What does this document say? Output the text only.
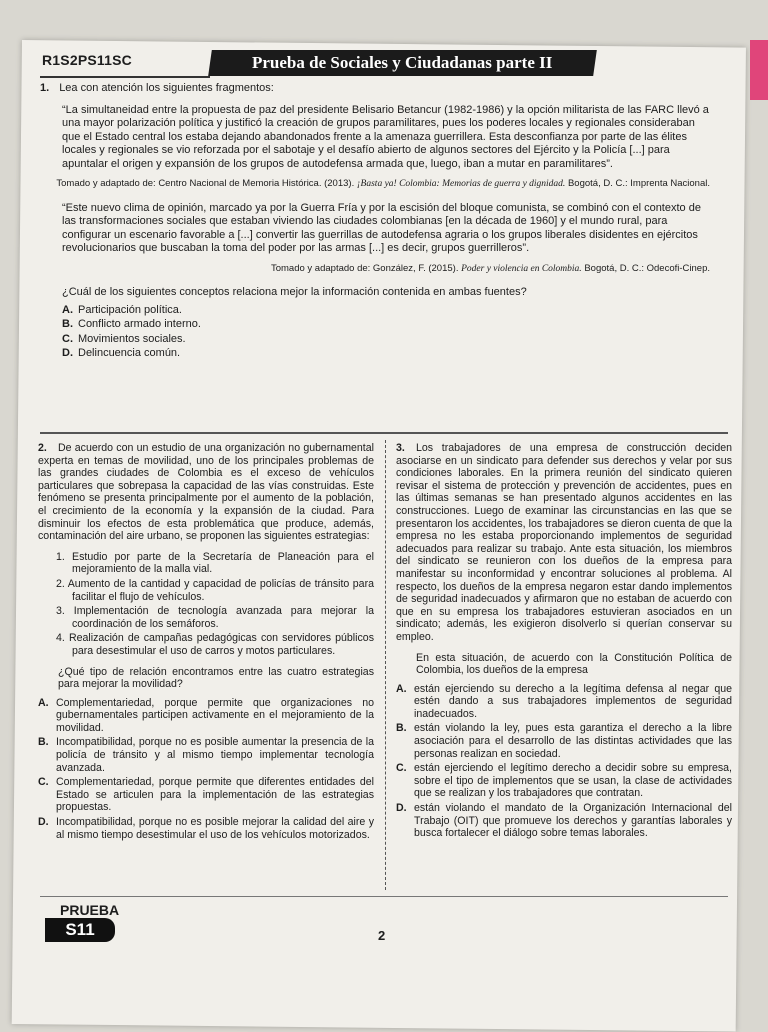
R1S2PS11SC	Prueba de Sociales y Ciudadanas parte II
1. Lea con atención los siguientes fragmentos:
“La simultaneidad entre la propuesta de paz del presidente Belisario Betancur (1982-1986) y la opción militarista de las FARC llevó a una mayor polarización política y justificó la creación de grupos paramilitares, pues los poderes locales y regionales consideraban que el Estado central los estaba dejando abandonados frente a la amenaza guerrillera. Esta desconfianza por parte de las élites locales y regionales se vio reforzada por el sabotaje y el desafío abierto de algunos sectores del Ejército y la Policía [...] para apuntalar el origen y expansión de los grupos de autodefensa armada que, luego, iban a mutar en paramilitares”.
Tomado y adaptado de: Centro Nacional de Memoria Histórica. (2013). ¡Basta ya! Colombia: Memorias de guerra y dignidad. Bogotá, D. C.: Imprenta Nacional.
“Este nuevo clima de opinión, marcado ya por la Guerra Fría y por la escisión del bloque comunista, se combinó con el contexto de las transformaciones sociales que estaban viviendo las ciudades colombianas [en la década de 1960] y el mundo rural, para configurar un escenario favorable a [...] convertir las guerrillas de autodefensa agraria o los grupos liberales disidentes en ejércitos revolucionarios que buscaban la toma del poder por las armas [...] es decir, grupos guerrilleros”.
Tomado y adaptado de: González, F. (2015). Poder y violencia en Colombia. Bogotá, D. C.: Odecofi-Cinep.
¿Cuál de los siguientes conceptos relaciona mejor la información contenida en ambas fuentes?
A. Participación política.
B. Conflicto armado interno.
C. Movimientos sociales.
D. Delincuencia común.
2. De acuerdo con un estudio de una organización no gubernamental experta en temas de movilidad, uno de los principales problemas de las grandes ciudades de Colombia es el exceso de vehículos particulares que sobrepasa la capacidad de las vías construidas. Este fenómeno se presenta principalmente por el aumento de la población, el crecimiento de la economía y la expansión de la ciudad. Para disminuir los efectos de esta problemática que produce, además, contaminación del aire urbano, se proponen las siguientes estrategias:
1. Estudio por parte de la Secretaría de Planeación para el mejoramiento de la malla vial.
2. Aumento de la cantidad y capacidad de policías de tránsito para facilitar el flujo de vehículos.
3. Implementación de tecnología avanzada para mejorar la coordinación de los semáforos.
4. Realización de campañas pedagógicas con servidores públicos para desestimular el uso de carros y motos particulares.
¿Qué tipo de relación encontramos entre las cuatro estrategias para mejorar la movilidad?
A. Complementariedad, porque permite que organizaciones no gubernamentales participen activamente en el mejoramiento de la movilidad.
B. Incompatibilidad, porque no es posible aumentar la presencia de la policía de tránsito y al mismo tiempo implementar tecnología avanzada.
C. Complementariedad, porque permite que diferentes entidades del Estado se articulen para la implementación de las estrategias propuestas.
D. Incompatibilidad, porque no es posible mejorar la calidad del aire y al mismo tiempo desestimular el uso de los vehículos motorizados.
3. Los trabajadores de una empresa de construcción deciden asociarse en un sindicato para defender sus derechos y velar por sus condiciones laborales. En la primera reunión del sindicato quieren revisar el sistema de protección y prevención de accidentes, pues en las últimas semanas se han presentado algunos accidentes en las construcciones. Luego de examinar las circunstancias en las que se presentaron los accidentes, los trabajadores se dieron cuenta de que la empresa no les estaba proporcionando implementos de seguridad adecuados para realizar su trabajo. Ante esta situación, los miembros del sindicato se reunieron con los dueños de la empresa para manifestar su inconformidad y encontrar soluciones al problema. Al respecto, los dueños de la empresa negaron estar dando implementos de seguridad inadecuados y afirmaron que no estaban de acuerdo con que en su empresa los trabajadores estuvieran asociados en un sindicato; además, les exigieron disolverlo si querían conservar su empleo.
En esta situación, de acuerdo con la Constitución Política de Colombia, los dueños de la empresa
A. están ejerciendo su derecho a la legítima defensa al negar que estén dando a sus trabajadores implementos de seguridad inadecuados.
B. están violando la ley, pues esta garantiza el derecho a la libre asociación para el desarrollo de las distintas actividades que las personas realizan en sociedad.
C. están ejerciendo el legítimo derecho a decidir sobre su empresa, sobre el tipo de implementos que se usan, la clase de actividades que se realizan y los trabajadores que contratan.
D. están violando el mandato de la Organización Internacional del Trabajo (OIT) que promueve los derechos y garantías laborales y busca fortalecer el diálogo sobre temas laborales.
PRUEBA
S11	2
